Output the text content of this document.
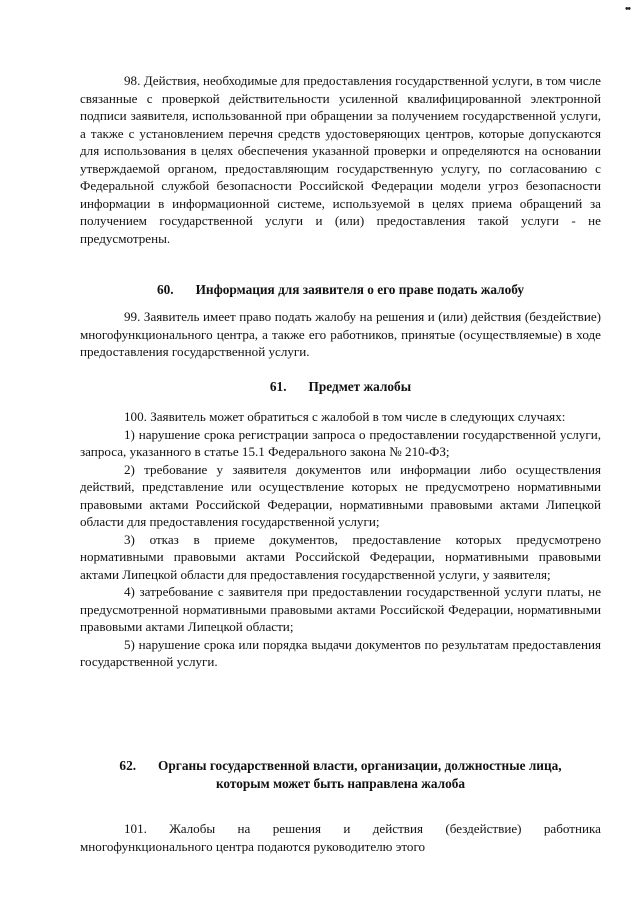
••

98. Действия, необходимые для предоставления государственной услуги, в том числе связанные с проверкой действительности усиленной квалифицированной электронной подписи заявителя, использованной при обращении за получением государственной услуги, а также с установлением перечня средств удостоверяющих центров, которые допускаются для использования в целях обеспечения указанной проверки и определяются на основании утверждаемой органом, предоставляющим государственную услугу, по согласованию с Федеральной службой безопасности Российской Федерации модели угроз безопасности информации в информационной системе, используемой в целях приема обращений за получением государственной услуги и (или) предоставления такой услуги - не предусмотрены.

60. Информация для заявителя о его праве подать жалобу

99. Заявитель имеет право подать жалобу на решения и (или) действия (бездействие) многофункционального центра, а также его работников, принятые (осуществляемые) в ходе предоставления государственной услуги.

61. Предмет жалобы

100. Заявитель может обратиться с жалобой в том числе в следующих случаях:

1) нарушение срока регистрации запроса о предоставлении государственной услуги, запроса, указанного в статье 15.1 Федерального закона № 210-ФЗ;

2) требование у заявителя документов или информации либо осуществления действий, представление или осуществление которых не предусмотрено нормативными правовыми актами Российской Федерации, нормативными правовыми актами Липецкой области для предоставления государственной услуги;

3) отказ в приеме документов, предоставление которых предусмотрено нормативными правовыми актами Российской Федерации, нормативными правовыми актами Липецкой области для предоставления государственной услуги, у заявителя;

4) затребование с заявителя при предоставлении государственной услуги платы, не предусмотренной нормативными правовыми актами Российской Федерации, нормативными правовыми актами Липецкой области;

5) нарушение срока или порядка выдачи документов по результатам предоставления государственной услуги.

62. Органы государственной власти, организации, должностные лица,
которым может быть направлена жалоба

101. Жалобы на решения и действия (бездействие) работника многофункционального центра подаются руководителю этого
